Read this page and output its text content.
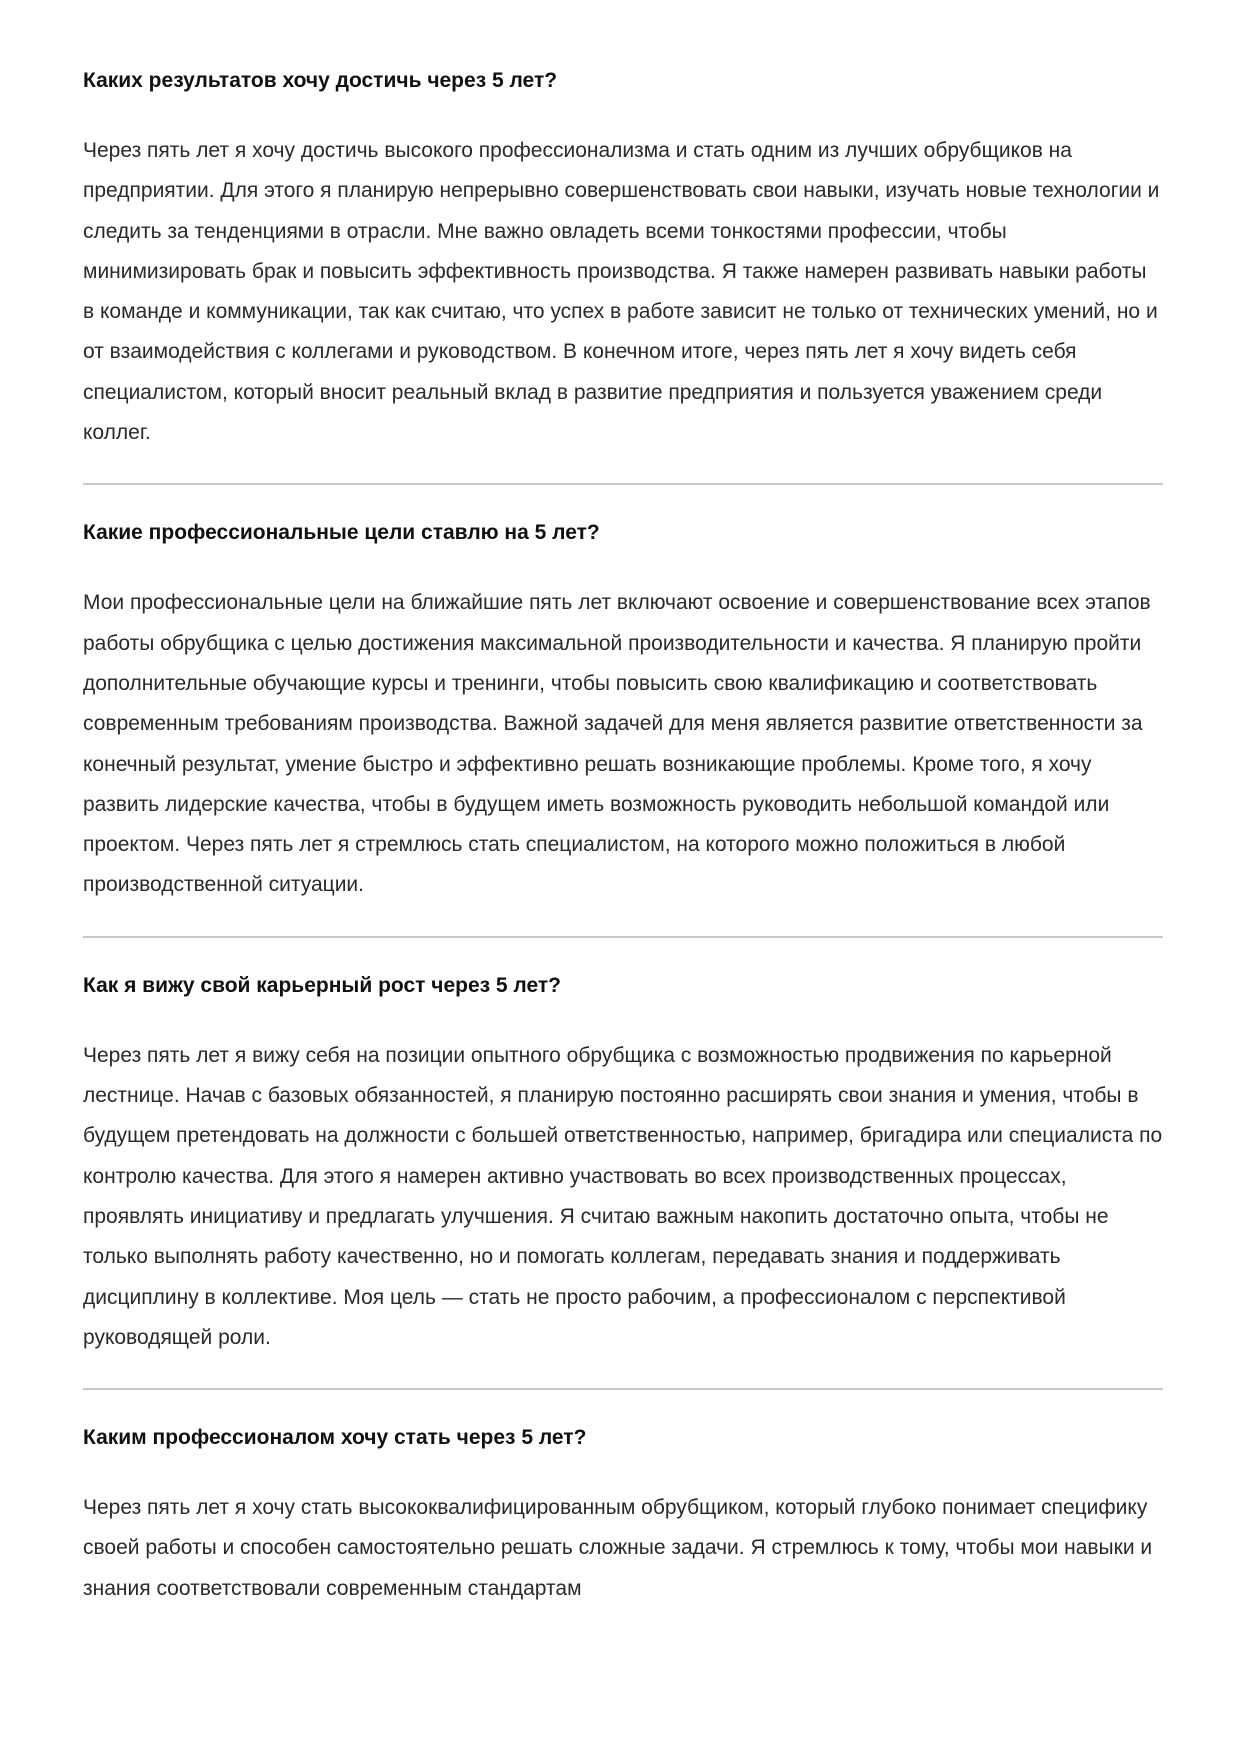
Каких результатов хочу достичь через 5 лет?

Через пять лет я хочу достичь высокого профессионализма и стать одним из лучших обрубщиков на предприятии. Для этого я планирую непрерывно совершенствовать свои навыки, изучать новые технологии и следить за тенденциями в отрасли. Мне важно овладеть всеми тонкостями профессии, чтобы минимизировать брак и повысить эффективность производства. Я также намерен развивать навыки работы в команде и коммуникации, так как считаю, что успех в работе зависит не только от технических умений, но и от взаимодействия с коллегами и руководством. В конечном итоге, через пять лет я хочу видеть себя специалистом, который вносит реальный вклад в развитие предприятия и пользуется уважением среди коллег.

Какие профессиональные цели ставлю на 5 лет?

Мои профессиональные цели на ближайшие пять лет включают освоение и совершенствование всех этапов работы обрубщика с целью достижения максимальной производительности и качества. Я планирую пройти дополнительные обучающие курсы и тренинги, чтобы повысить свою квалификацию и соответствовать современным требованиям производства. Важной задачей для меня является развитие ответственности за конечный результат, умение быстро и эффективно решать возникающие проблемы. Кроме того, я хочу развить лидерские качества, чтобы в будущем иметь возможность руководить небольшой командой или проектом. Через пять лет я стремлюсь стать специалистом, на которого можно положиться в любой производственной ситуации.

Как я вижу свой карьерный рост через 5 лет?

Через пять лет я вижу себя на позиции опытного обрубщика с возможностью продвижения по карьерной лестнице. Начав с базовых обязанностей, я планирую постоянно расширять свои знания и умения, чтобы в будущем претендовать на должности с большей ответственностью, например, бригадира или специалиста по контролю качества. Для этого я намерен активно участвовать во всех производственных процессах, проявлять инициативу и предлагать улучшения. Я считаю важным накопить достаточно опыта, чтобы не только выполнять работу качественно, но и помогать коллегам, передавать знания и поддерживать дисциплину в коллективе. Моя цель — стать не просто рабочим, а профессионалом с перспективой руководящей роли.

Каким профессионалом хочу стать через 5 лет?

Через пять лет я хочу стать высококвалифицированным обрубщиком, который глубоко понимает специфику своей работы и способен самостоятельно решать сложные задачи. Я стремлюсь к тому, чтобы мои навыки и знания соответствовали современным стандартам
